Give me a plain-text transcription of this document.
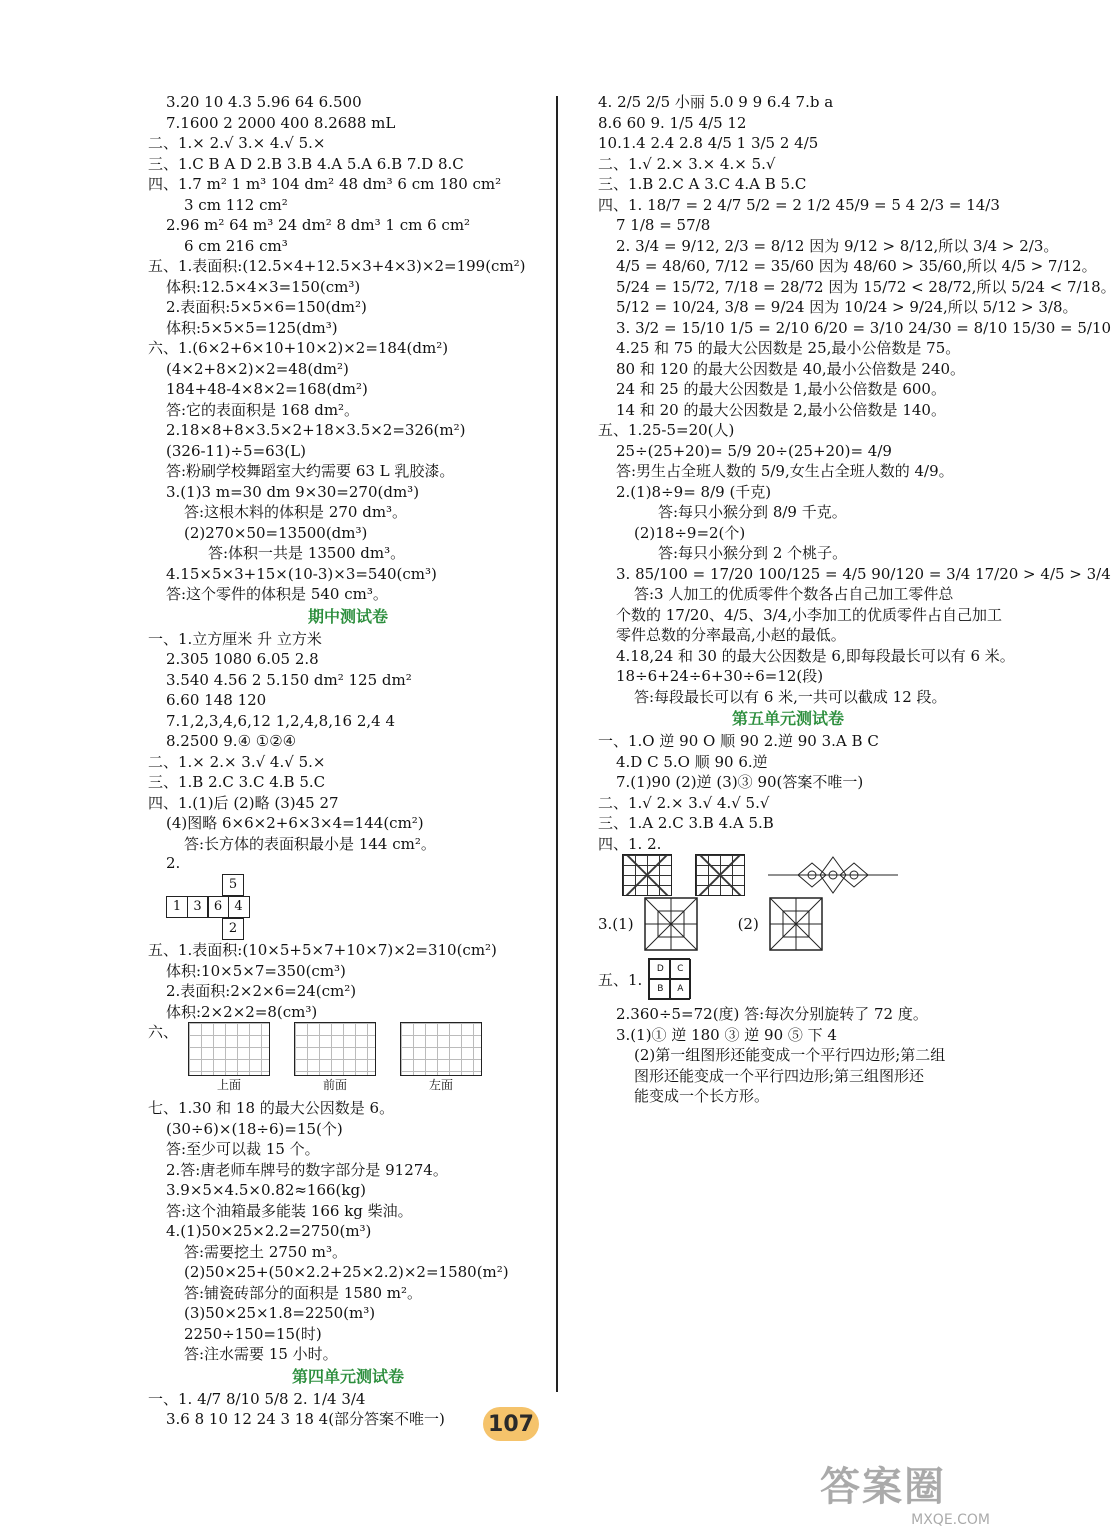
3.20 10 4.3 5.96 64 6.500
7.1600 2 2000 400 8.2688 mL
二、1.× 2.√ 3.× 4.√ 5.×
三、1.C B A D 2.B 3.B 4.A 5.A 6.B 7.D 8.C
四、1.7 m² 1 m³ 104 dm² 48 dm³ 6 cm 180 cm²
3 cm 112 cm²
2.96 m² 64 m³ 24 dm² 8 dm³ 1 cm 6 cm²
6 cm 216 cm³
五、1.表面积:(12.5×4+12.5×3+4×3)×2=199(cm²)
体积:12.5×4×3=150(cm³)
2.表面积:5×5×6=150(dm²)
体积:5×5×5=125(dm³)
六、1.(6×2+6×10+10×2)×2=184(dm²)
(4×2+8×2)×2=48(dm²)
184+48-4×8×2=168(dm²)
答:它的表面积是 168 dm²。
2.18×8+8×3.5×2+18×3.5×2=326(m²)
(326-11)÷5=63(L)
答:粉刷学校舞蹈室大约需要 63 L 乳胶漆。
3.(1)3 m=30 dm 9×30=270(dm³)
答:这根木料的体积是 270 dm³。
(2)270×50=13500(dm³)
答:体积一共是 13500 dm³。
4.15×5×3+15×(10-3)×3=540(cm³)
答:这个零件的体积是 540 cm³。
期中测试卷
一、1.立方厘米 升 立方米
2.305 1080 6.05 2.8
3.540 4.56 2 5.150 dm² 125 dm²
6.60 148 120
7.1,2,3,4,6,12 1,2,4,8,16 2,4 4
8.2500 9.④ ①②④
二、1.× 2.× 3.√ 4.√ 5.×
三、1.B 2.C 3.C 4.B 5.C
四、1.(1)后 (2)略 (3)45 27
(4)图略 6×6×2+6×3×4=144(cm²)
答:长方体的表面积最小是 144 cm²。
2.
5
1 3 6 4
2
五、1.表面积:(10×5+5×7+10×7)×2=310(cm²)
体积:10×5×7=350(cm³)
2.表面积:2×2×6=24(cm²)
体积:2×2×2=8(cm³)
六、
上面	前面	左面
七、1.30 和 18 的最大公因数是 6。
(30÷6)×(18÷6)=15(个)
答:至少可以裁 15 个。
2.答:唐老师车牌号的数字部分是 91274。
3.9×5×4.5×0.82≈166(kg)
答:这个油箱最多能装 166 kg 柴油。
4.(1)50×25×2.2=2750(m³)
答:需要挖土 2750 m³。
(2)50×25+(50×2.2+25×2.2)×2=1580(m²)
答:铺瓷砖部分的面积是 1580 m²。
(3)50×25×1.8=2250(m³)
2250÷150=15(时)
答:注水需要 15 小时。
第四单元测试卷
一、1. 4/7 8/10 5/8 2. 1/4 3/4
3.6 8 10 12 24 3 18 4(部分答案不唯一)
4. 2/5 2/5 小丽 5.0 9 9 6.4 7.b a
8.6 60 9. 1/5 4/5 12
10.1.4 2.4 2.8 4/5 1 3/5 2 4/5
二、1.√ 2.× 3.× 4.× 5.√
三、1.B 2.C A 3.C 4.A B 5.C
四、1. 18/7 = 2 4/7 5/2 = 2 1/2 45/9 = 5 4 2/3 = 14/3
7 1/8 = 57/8
2. 3/4 = 9/12, 2/3 = 8/12 因为 9/12 > 8/12,所以 3/4 > 2/3。
4/5 = 48/60, 7/12 = 35/60 因为 48/60 > 35/60,所以 4/5 > 7/12。
5/24 = 15/72, 7/18 = 28/72 因为 15/72 < 28/72,所以 5/24 < 7/18。
5/12 = 10/24, 3/8 = 9/24 因为 10/24 > 9/24,所以 5/12 > 3/8。
3. 3/2 = 15/10 1/5 = 2/10 6/20 = 3/10 24/30 = 8/10 15/30 = 5/10
4.25 和 75 的最大公因数是 25,最小公倍数是 75。
80 和 120 的最大公因数是 40,最小公倍数是 240。
24 和 25 的最大公因数是 1,最小公倍数是 600。
14 和 20 的最大公因数是 2,最小公倍数是 140。
五、1.25-5=20(人)
25÷(25+20)= 5/9 20÷(25+20)= 4/9
答:男生占全班人数的 5/9,女生占全班人数的 4/9。
2.(1)8÷9= 8/9 (千克)
答:每只小猴分到 8/9 千克。
(2)18÷9=2(个)
答:每只小猴分到 2 个桃子。
3. 85/100 = 17/20 100/125 = 4/5 90/120 = 3/4 17/20 > 4/5 > 3/4
答:3 人加工的优质零件个数各占自己加工零件总
个数的 17/20、4/5、3/4,小李加工的优质零件占自己加工
零件总数的分率最高,小赵的最低。
4.18,24 和 30 的最大公因数是 6,即每段最长可以有 6 米。
18÷6+24÷6+30÷6=12(段)
答:每段最长可以有 6 米,一共可以截成 12 段。
第五单元测试卷
一、1.O 逆 90 O 顺 90 2.逆 90 3.A B C
4.D C 5.O 顺 90 6.逆
7.(1)90 (2)逆 (3)③ 90(答案不唯一)
二、1.√ 2.× 3.√ 4.√ 5.√
三、1.A 2.C 3.B 4.A 5.B
四、1. 2.

3.(1)	(2)
五、1.
D	C
B	A
2.360÷5=72(度) 答:每次分别旋转了 72 度。
3.(1)① 逆 180 ③ 逆 90 ⑤ 下 4
(2)第一组图形还能变成一个平行四边形;第二组
图形还能变成一个平行四边形;第三组图形还
能变成一个长方形。
107
答案圈
MXQE.COM
